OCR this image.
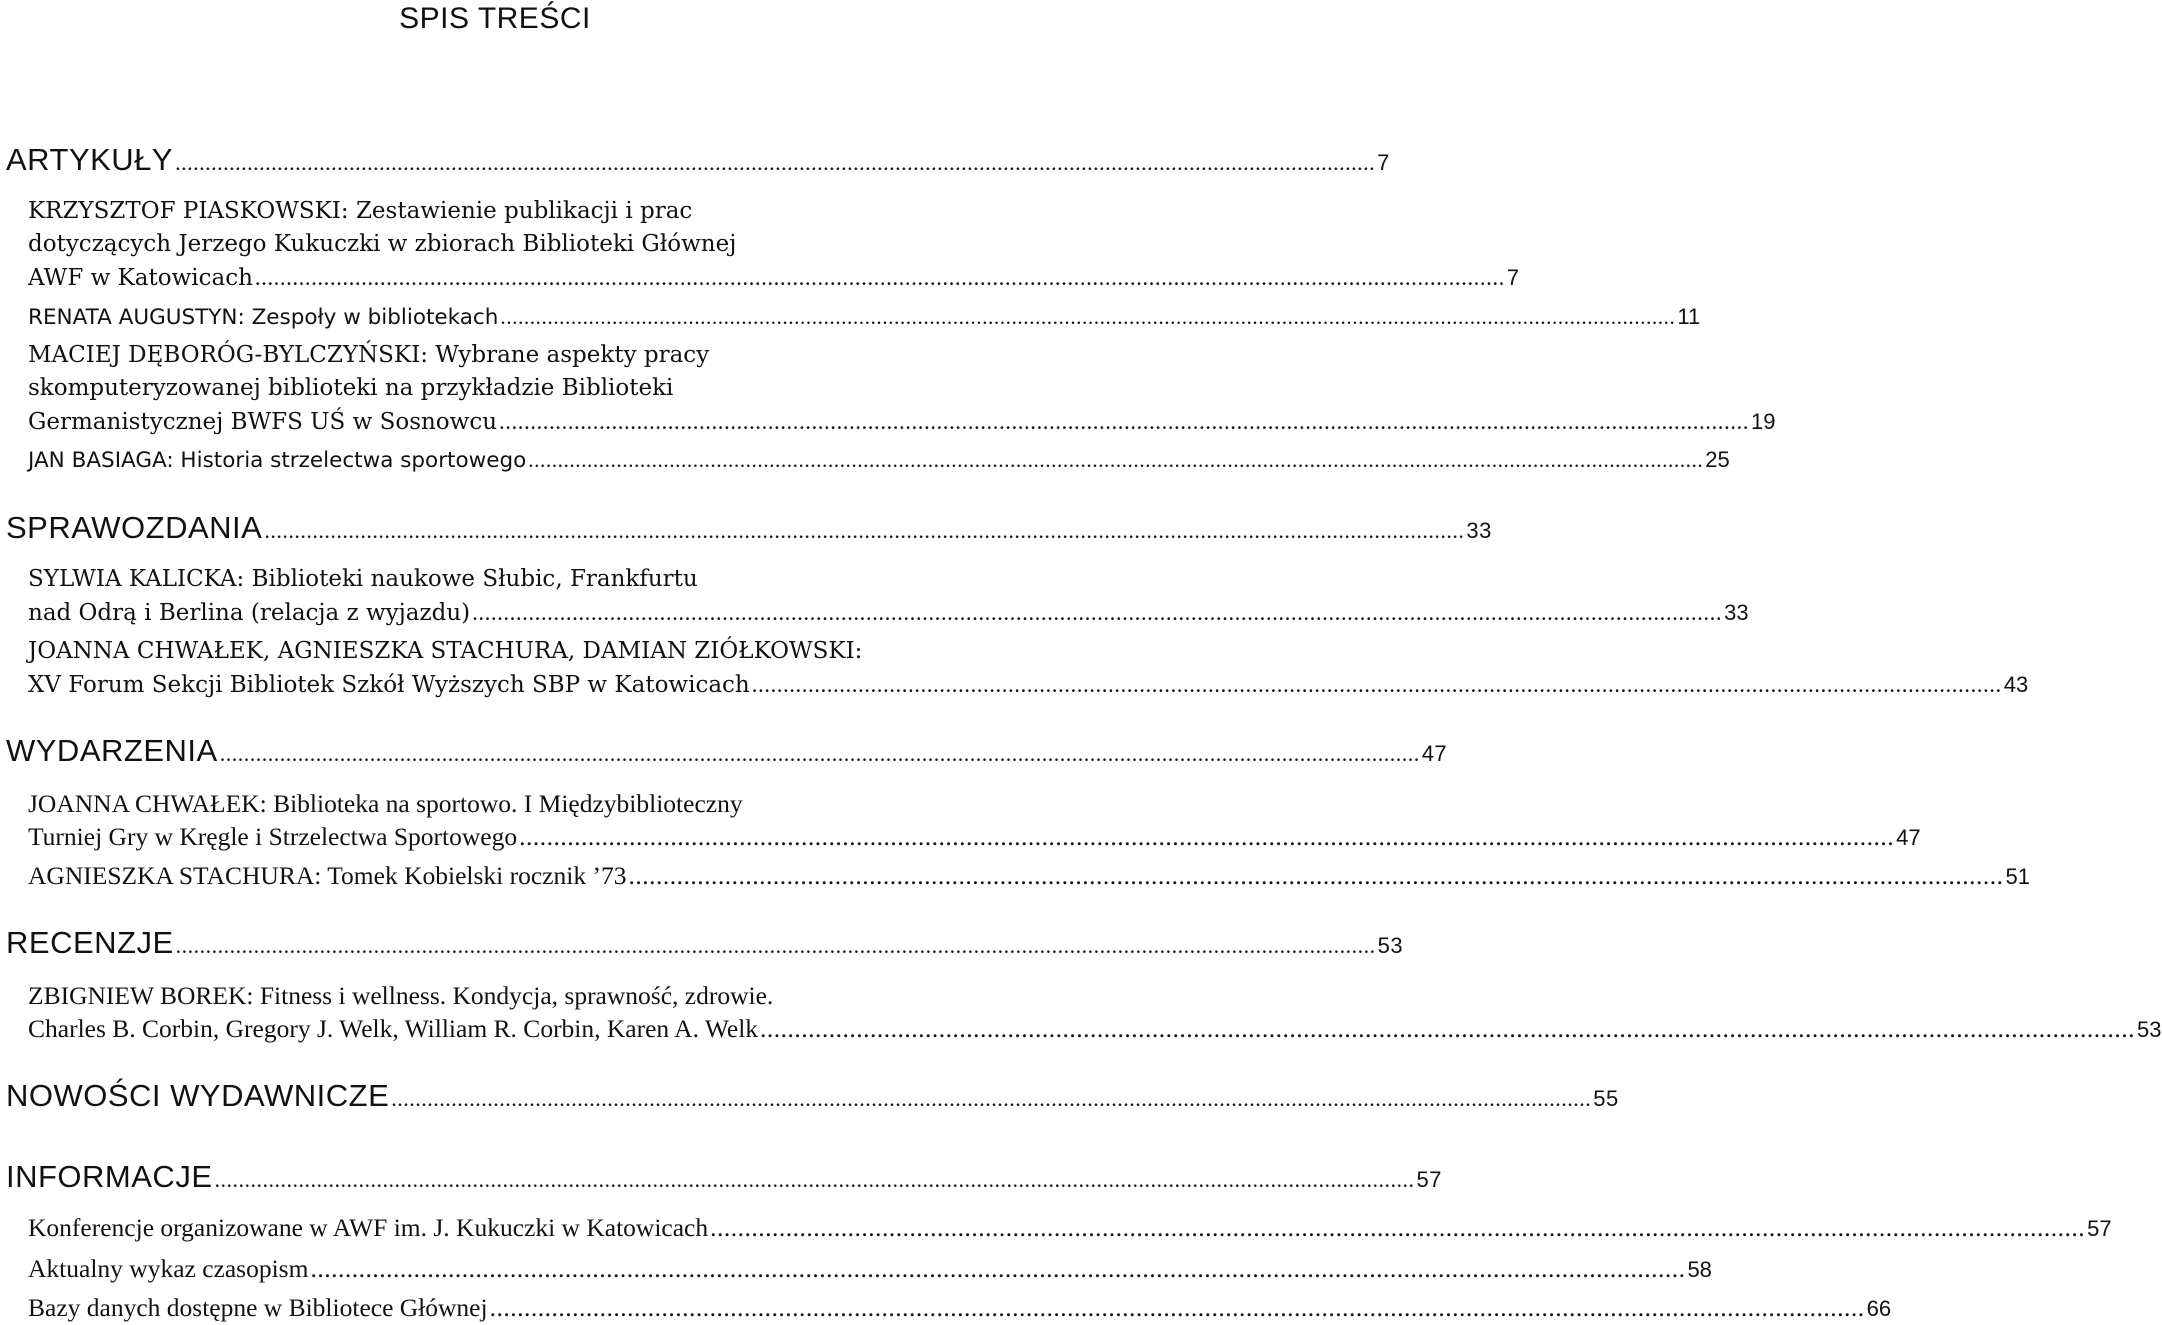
SPIS TREŚCI
ARTYKUŁY ........................................................................................................................................................................................................ 7
KRZYSZTOF PIASKOWSKI: Zestawienie publikacji i prac
dotyczących Jerzego Kukuczki w zbiorach Biblioteki Głównej
AWF w Katowicach ........................................................................................................................................................................................................ 7
RENATA AUGUSTYN: Zespoły w bibliotekach ........................................................................................................................................................................................................ 11
MACIEJ DĘBORÓG-BYLCZYŃSKI: Wybrane aspekty pracy
skomputeryzowanej biblioteki na przykładzie Biblioteki
Germanistycznej BWFS UŚ w Sosnowcu ........................................................................................................................................................................................................ 19
JAN BASIAGA: Historia strzelectwa sportowego ........................................................................................................................................................................................................ 25
SPRAWOZDANIA ........................................................................................................................................................................................................ 33
SYLWIA KALICKA: Biblioteki naukowe Słubic, Frankfurtu
nad Odrą i Berlina (relacja z wyjazdu) ........................................................................................................................................................................................................ 33
JOANNA CHWAŁEK, AGNIESZKA STACHURA, DAMIAN ZIÓŁKOWSKI:
XV Forum Sekcji Bibliotek Szkół Wyższych SBP w Katowicach ........................................................................................................................................................................................................ 43
WYDARZENIA ........................................................................................................................................................................................................ 47
JOANNA CHWAŁEK: Biblioteka na sportowo. I Międzybiblioteczny
Turniej Gry w Kręgle i Strzelectwa Sportowego ........................................................................................................................................................................................................ 47
AGNIESZKA STACHURA: Tomek Kobielski rocznik ’73 ........................................................................................................................................................................................................ 51
RECENZJE ........................................................................................................................................................................................................ 53
ZBIGNIEW BOREK: Fitness i wellness. Kondycja, sprawność, zdrowie.
Charles B. Corbin, Gregory J. Welk, William R. Corbin, Karen A. Welk ........................................................................................................................................................................................................ 53
NOWOŚCI WYDAWNICZE ........................................................................................................................................................................................................ 55
INFORMACJE ........................................................................................................................................................................................................ 57
Konferencje organizowane w AWF im. J. Kukuczki w Katowicach ........................................................................................................................................................................................................ 57
Aktualny wykaz czasopism ........................................................................................................................................................................................................ 58
Bazy danych dostępne w Bibliotece Głównej ........................................................................................................................................................................................................ 66
